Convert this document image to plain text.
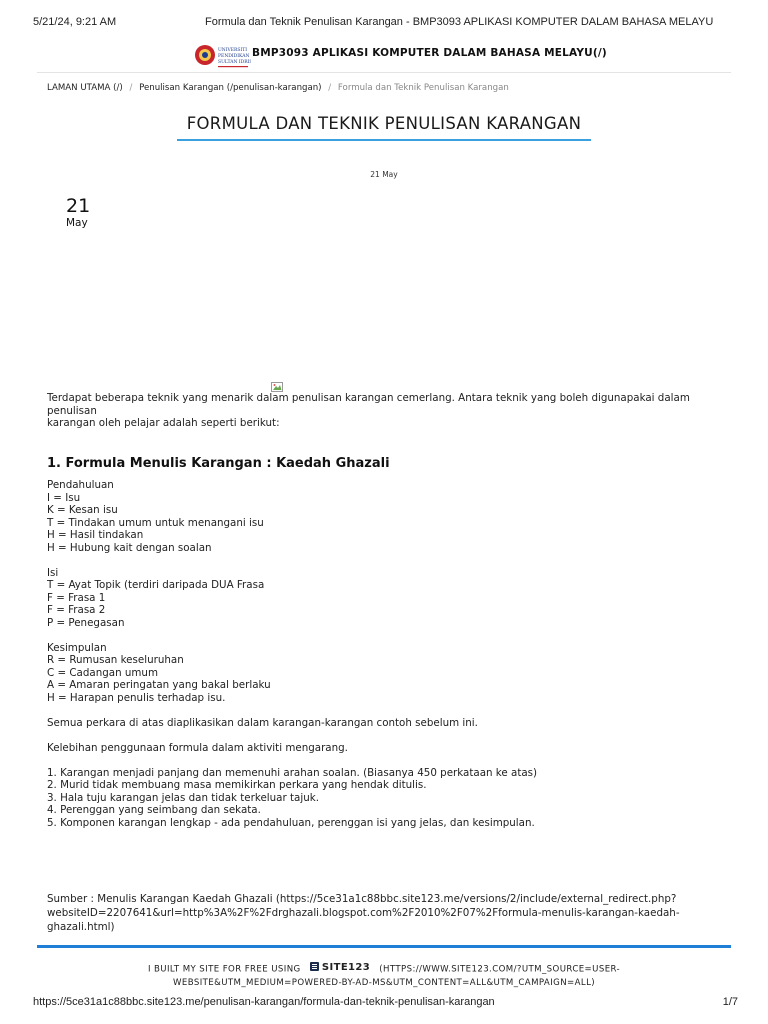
5/21/24, 9:21 AM	Formula dan Teknik Penulisan Karangan - BMP3093 APLIKASI KOMPUTER DALAM BAHASA MELAYU
UNIVERSITI
PENDIDIKAN
SULTAN IDRIS
BMP3093 APLIKASI KOMPUTER DALAM BAHASA MELAYU(/)
LAMAN UTAMA (/) / Penulisan Karangan (/penulisan-karangan) / Formula dan Teknik Penulisan Karangan
FORMULA DAN TEKNIK PENULISAN KARANGAN
21 May
21
May
Terdapat beberapa teknik yang menarik dalam penulisan karangan cemerlang. Antara teknik yang boleh digunapakai dalam penulisan
karangan oleh pelajar adalah seperti berikut:
1. Formula Menulis Karangan : Kaedah Ghazali
Pendahuluan
I = Isu
K = Kesan isu
T = Tindakan umum untuk menangani isu
H = Hasil tindakan
H = Hubung kait dengan soalan
Isi
T = Ayat Topik (terdiri daripada DUA Frasa
F = Frasa 1
F = Frasa 2
P = Penegasan
Kesimpulan
R = Rumusan keseluruhan
C = Cadangan umum
A = Amaran peringatan yang bakal berlaku
H = Harapan penulis terhadap isu.
Semua perkara di atas diaplikasikan dalam karangan-karangan contoh sebelum ini.
Kelebihan penggunaan formula dalam aktiviti mengarang.
1. Karangan menjadi panjang dan memenuhi arahan soalan. (Biasanya 450 perkataan ke atas)
2. Murid tidak membuang masa memikirkan perkara yang hendak ditulis.
3. Hala tuju karangan jelas dan tidak terkeluar tajuk.
4. Perenggan yang seimbang dan sekata.
5. Komponen karangan lengkap - ada pendahuluan, perenggan isi yang jelas, dan kesimpulan.
Sumber : Menulis Karangan Kaedah Ghazali (https://5ce31a1c88bbc.site123.me/versions/2/include/external_redirect.php?
websiteID=2207641&url=http%3A%2F%2Fdrghazali.blogspot.com%2F2010%2F07%2Fformula-menulis-karangan-kaedah-ghazali.html)
I BUILT MY SITE FOR FREE USING SITE123 (HTTPS://WWW.SITE123.COM/?UTM_SOURCE=USER-
WEBSITE&UTM_MEDIUM=POWERED-BY-AD-MS&UTM_CONTENT=ALL&UTM_CAMPAIGN=ALL)
https://5ce31a1c88bbc.site123.me/penulisan-karangan/formula-dan-teknik-penulisan-karangan	1/7
